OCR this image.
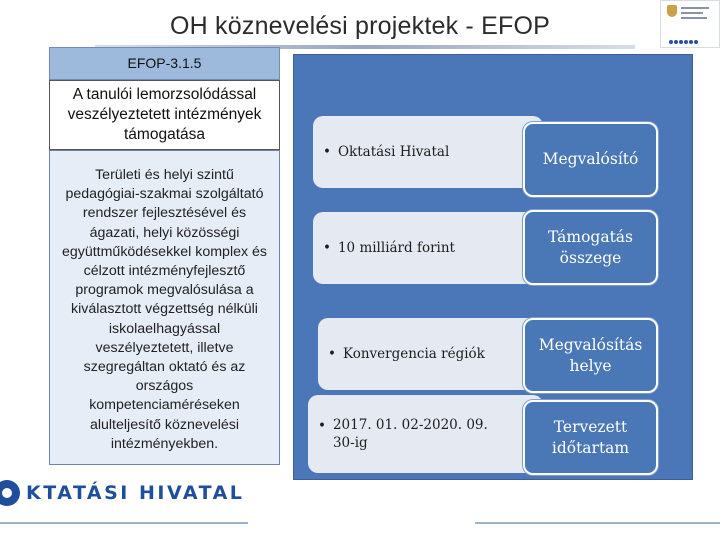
OH köznevelési projektek - EFOP
EFOP-3.1.5
A tanulói lemorzsolódással
veszélyeztetett intézmények
támogatása
Területi és helyi szintű
pedagógiai-szakmai szolgáltató
rendszer fejlesztésével és
ágazati, helyi közösségi
együttműködésekkel komplex és
célzott intézményfejlesztő
programok megvalósulása a
kiválasztott végzettség nélküli
iskolaelhagyással
veszélyeztetett, illetve
szegregáltan oktató és az
országos
kompetenciaméréseken
alulteljesítő köznevelési
intézményekben.
• Oktatási Hivatal	Megvalósító
• 10 milliárd forint
Támogatás
összege
• Konvergencia régiók
Megvalósítás
helye
• 2017. 01. 02-2020. 09.
30-ig
Tervezett
időtartam
KTATÁSI HIVATAL
